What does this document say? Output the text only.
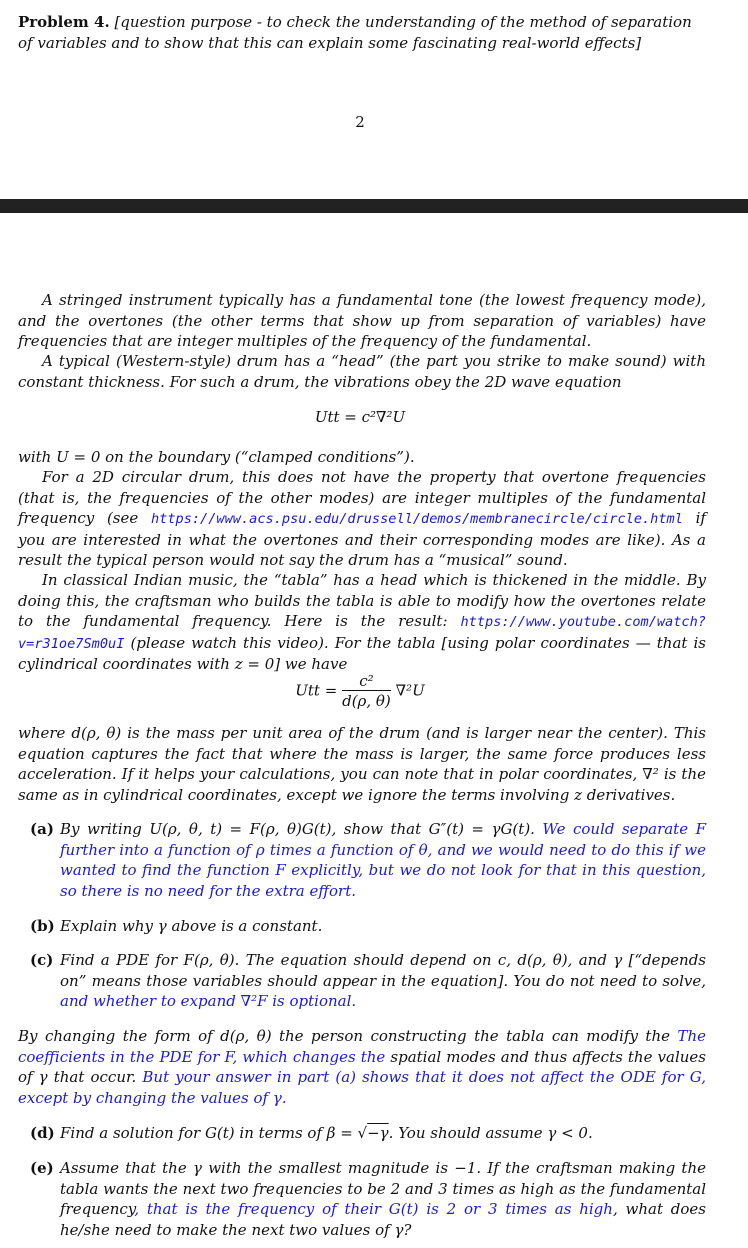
Problem 4. [question purpose - to check the understanding of the method of separation of variables and to show that this can explain some fascinating real-world effects]
2

A stringed instrument typically has a fundamental tone (the lowest frequency mode), and the overtones (the other terms that show up from separation of variables) have frequencies that are integer multiples of the frequency of the fundamental.

A typical (Western-style) drum has a “head” (the part you strike to make sound) with constant thickness. For such a drum, the vibrations obey the 2D wave equation

Utt = c²∇²U

with U = 0 on the boundary (“clamped conditions”).

For a 2D circular drum, this does not have the property that overtone frequencies (that is, the frequencies of the other modes) are integer multiples of the fundamental frequency (see https://www.acs.psu.edu/drussell/demos/membranecircle/circle.html if you are interested in what the overtones and their corresponding modes are like). As a result the typical person would not say the drum has a “musical” sound.

In classical Indian music, the “tabla” has a head which is thickened in the middle. By doing this, the craftsman who builds the tabla is able to modify how the overtones relate to the fundamental frequency. Here is the result: https://www.youtube.com/watch?v=r31oe7Sm0uI (please watch this video). For the tabla [using polar coordinates — that is cylindrical coordinates with z = 0] we have

Utt = $\frac{\text{c²}}{d(\rho, \theta)} \nabla^2U$

where d(ρ, θ) is the mass per unit area of the drum (and is larger near the center). This equation captures the fact that where the mass is larger, the same force produces less acceleration. If it helps your calculations, you can note that in polar coordinates, ∇² is the same as in cylindrical coordinates, except we ignore the terms involving z derivatives.

(a) By writing U(ρ, θ, t) = F(ρ, θ)G(t), show that G″(t) = γG(t). We could separate F further into a function of ρ times a function of θ, and we would need to do this if we wanted to find the function F explicitly, but we do not look for that in this question, so there is no need for the extra effort.
(b) Explain why γ above is a constant.
(c) Find a PDE for F(ρ, θ). The equation should depend on c, d(ρ, θ), and γ [“depends on” means those variables should appear in the equation]. You do not need to solve, and whether to expand ∇²F is optional.

By changing the form of d(ρ, θ) the person constructing the tabla can modify the The coefficients in the PDE for F, which changes the spatial modes and thus affects the values of γ that occur. But your answer in part (a) shows that it does not affect the ODE for G, except by changing the values of γ.

(d) Find a solution for G(t) in terms of β = √−γ. You should assume γ < 0.
(e) Assume that the γ with the smallest magnitude is −1. If the craftsman making the tabla wants the next two frequencies to be 2 and 3 times as high as the fundamental frequency, that is the frequency of their G(t) is 2 or 3 times as high, what does he/she need to make the next two values of γ?
